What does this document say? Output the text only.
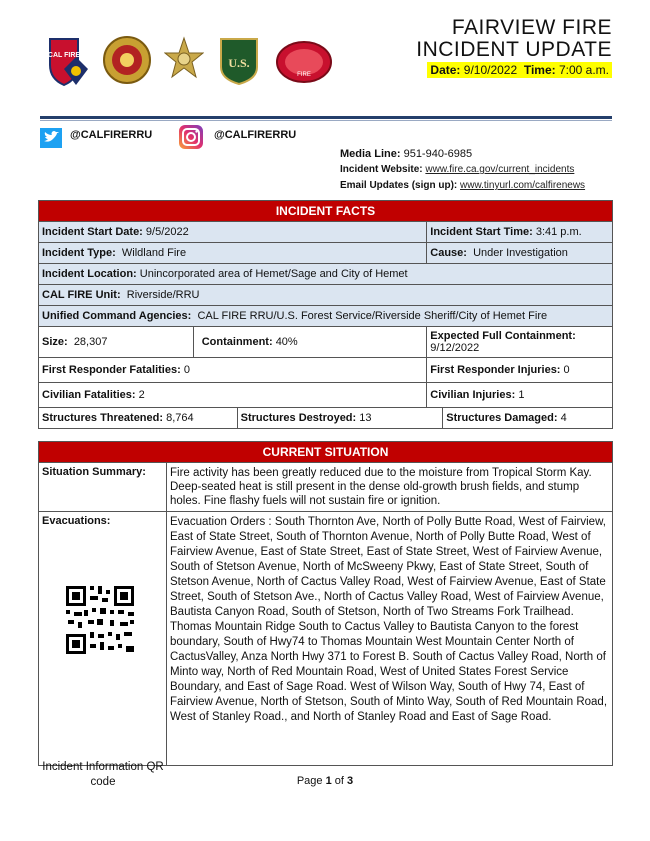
CAL FIRE
U.S.
FIRE
FAIRVIEW FIRE
INCIDENT UPDATE
Date: 9/10/2022 Time: 7:00 a.m.
@CALFIRERRU	@CALFIRERRU
Media Line: 951-940-6985
Incident Website: www.fire.ca.gov/current_incidents
Email Updates (sign up): www.tinyurl.com/calfirenews
INCIDENT FACTS				
Incident Start Date: 9/5/2022			Incident Start Time: 3:41 p.m.	
Incident Type: Wildland Fire			Cause: Under Investigation	
Incident Location: Unincorporated area of Hemet/Sage and City of Hemet				
CAL FIRE Unit: Riverside/RRU				
Unified Command Agencies: CAL FIRE RRU/U.S. Forest Service/Riverside Sheriff/City of Hemet Fire				
Size: 28,307	Containment: 40%		Expected Full Containment: 9/12/2022	
First Responder Fatalities: 0			First Responder Injuries: 0	
Civilian Fatalities: 2			Civilian Injuries: 1	
Structures Threatened: 8,764		Structures Destroyed: 13		Structures Damaged: 4
CURRENT SITUATION	
Situation Summary:	Fire activity has been greatly reduced due to the moisture from Tropical Storm Kay. Deep-seated heat is still present in the dense old-growth brush fields, and stump holes. Fine flashy fuels will not sustain fire or ignition.

Evacuations:
Incident Information QR code	Evacuation Orders : South Thornton Ave, North of Polly Butte Road, West of Fairview, East of State Street, South of Thornton Avenue, North of Polly Butte Road, West of Fairview Avenue, East of State Street, East of State Street, West of Fairview Avenue, South of Stetson Avenue, North of McSweeny Pkwy, East of State Street, South of Stetson Avenue, North of Cactus Valley Road, West of Fairview Avenue, East of State Street, South of Stetson Ave., North of Cactus Valley Road, West of Fairview Avenue, Bautista Canyon Road, South of Stetson, North of Two Streams Fork Trailhead. Thomas Mountain Ridge South to Cactus Valley to Bautista Canyon to the forest boundary, South of Hwy74 to Thomas Mountain West Mountain Center North of CactusValley, Anza North Hwy 371 to Forest B. South of Cactus Valley Road, North of Minto way, North of Red Mountain Road, West of United States Forest Service Boundary, and East of Sage Road. West of Wilson Way, South of Hwy 74, East of Fairview Avenue, North of Stetson, South of Minto Way, South of Red Mountain Road, West of Stanley Road., and North of Stanley Road and East of Sage Road.
Page 1 of 3
